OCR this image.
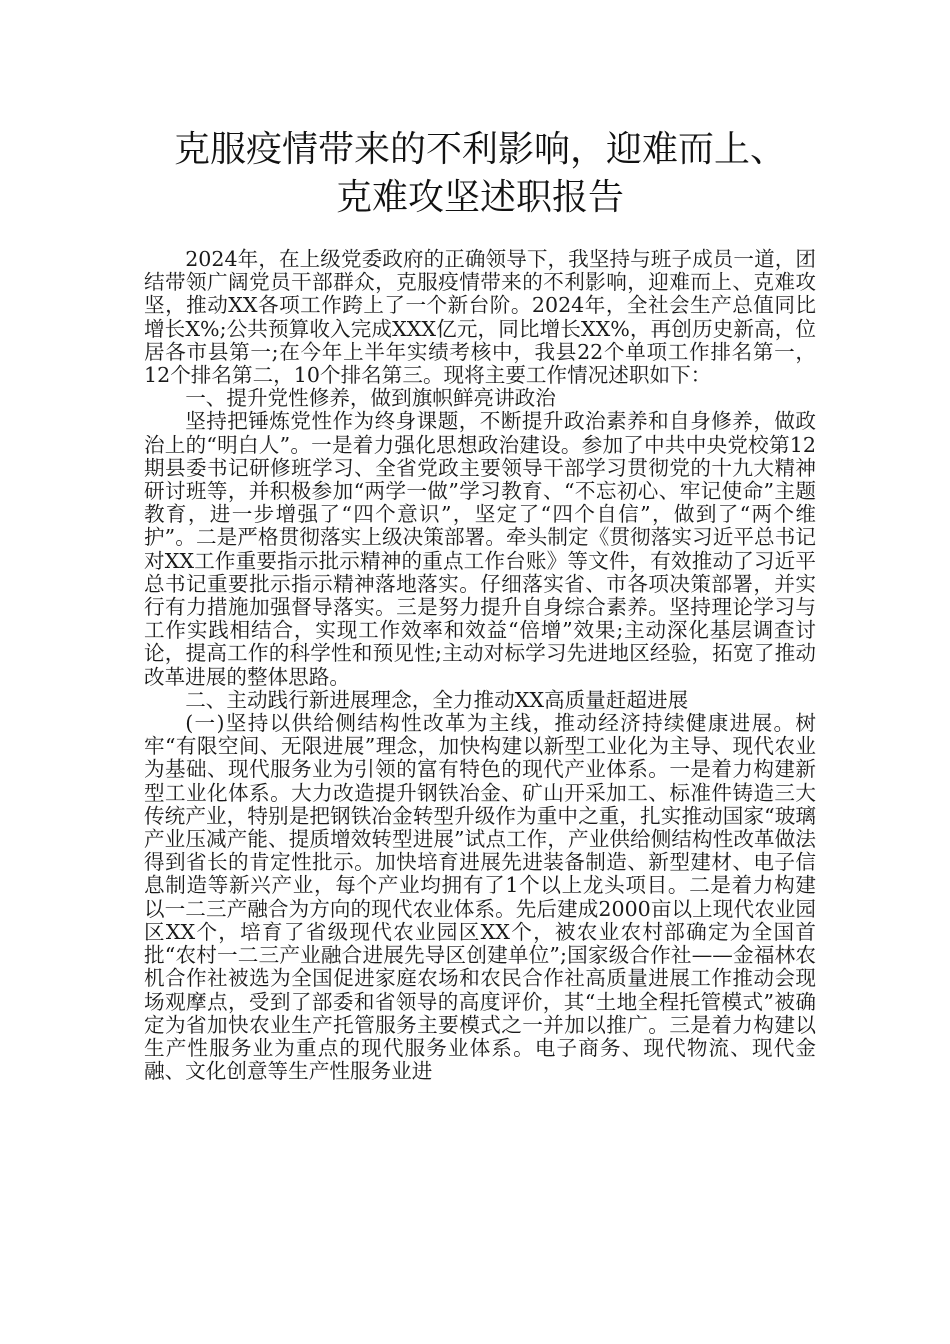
克服疫情带来的不利影响，迎难而上、
克难攻坚述职报告

2024年，在上级党委政府的正确领导下，我坚持与班子成员一道，团结带领广阔党员干部群众，克服疫情带来的不利影响，迎难而上、克难攻坚，推动XX各项工作跨上了一个新台阶。2024年，全社会生产总值同比增长X%;公共预算收入完成XXX亿元，同比增长XX%，再创历史新高，位居各市县第一;在今年上半年实绩考核中，我县22个单项工作排名第一，12个排名第二，10个排名第三。现将主要工作情况述职如下：

一、提升党性修养，做到旗帜鲜亮讲政治

坚持把锤炼党性作为终身课题，不断提升政治素养和自身修养，做政治上的“明白人”。一是着力强化思想政治建设。参加了中共中央党校第12期县委书记研修班学习、全省党政主要领导干部学习贯彻党的十九大精神研讨班等，并积极参加“两学一做”学习教育、“不忘初心、牢记使命”主题教育，进一步增强了“四个意识”，坚定了“四个自信”，做到了“两个维护”。二是严格贯彻落实上级决策部署。牵头制定《贯彻落实习近平总书记对XX工作重要指示批示精神的重点工作台账》等文件，有效推动了习近平总书记重要批示指示精神落地落实。仔细落实省、市各项决策部署，并实行有力措施加强督导落实。三是努力提升自身综合素养。坚持理论学习与工作实践相结合，实现工作效率和效益“倍增”效果;主动深化基层调查讨论，提高工作的科学性和预见性;主动对标学习先进地区经验，拓宽了推动改革进展的整体思路。

二、主动践行新进展理念，全力推动XX高质量赶超进展

(一)坚持以供给侧结构性改革为主线，推动经济持续健康进展。树牢“有限空间、无限进展”理念，加快构建以新型工业化为主导、现代农业为基础、现代服务业为引领的富有特色的现代产业体系。一是着力构建新型工业化体系。大力改造提升钢铁冶金、矿山开采加工、标准件铸造三大传统产业，特别是把钢铁冶金转型升级作为重中之重，扎实推动国家“玻璃产业压减产能、提质增效转型进展”试点工作，产业供给侧结构性改革做法得到省长的肯定性批示。加快培育进展先进装备制造、新型建材、电子信息制造等新兴产业，每个产业均拥有了1个以上龙头项目。二是着力构建以一二三产融合为方向的现代农业体系。先后建成2000亩以上现代农业园区XX个，培育了省级现代农业园区XX个，被农业农村部确定为全国首批“农村一二三产业融合进展先导区创建单位”;国家级合作社——金福林农机合作社被选为全国促进家庭农场和农民合作社高质量进展工作推动会现场观摩点，受到了部委和省领导的高度评价，其“土地全程托管模式”被确定为省加快农业生产托管服务主要模式之一并加以推广。三是着力构建以生产性服务业为重点的现代服务业体系。电子商务、现代物流、现代金融、文化创意等生产性服务业进
